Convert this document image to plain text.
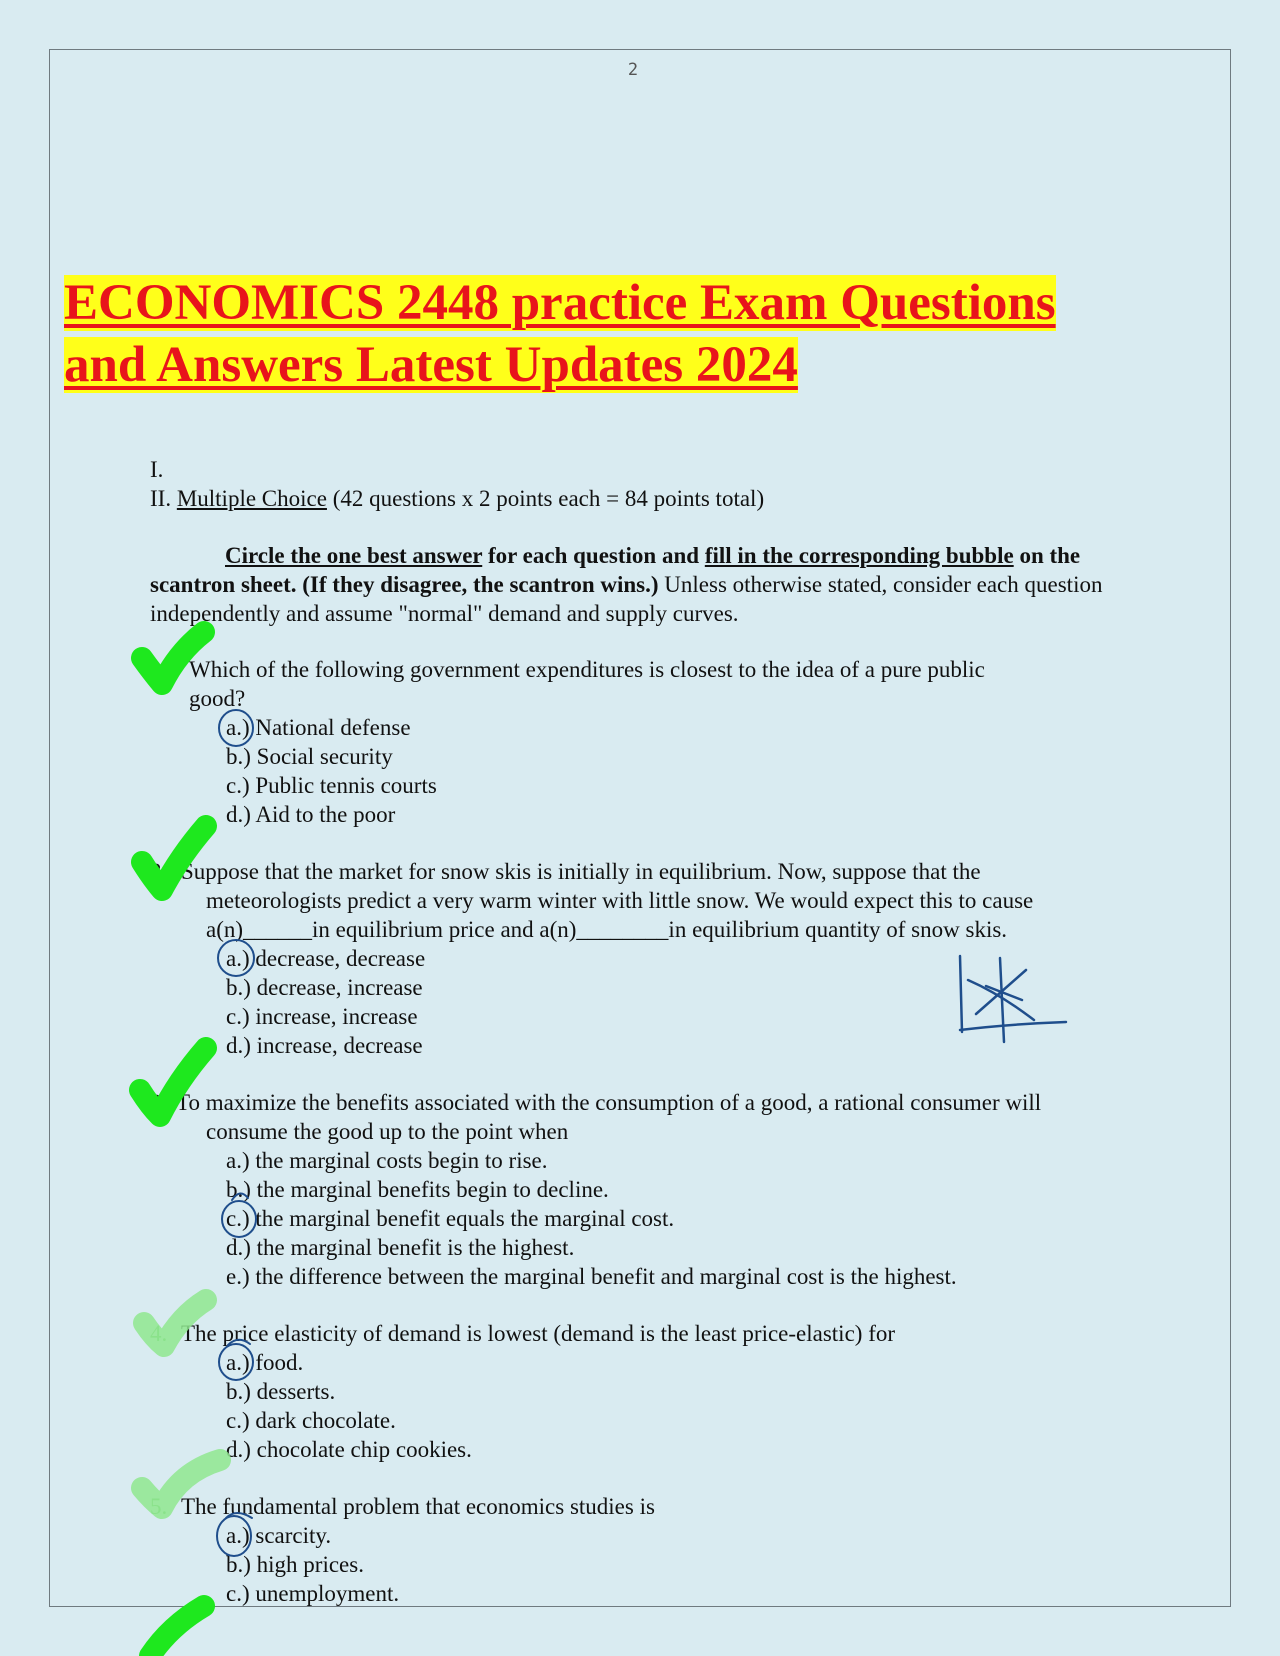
2
ECONOMICS 2448 practice Exam Questions
and Answers Latest Updates 2024
I.
II. Multiple Choice (42 questions x 2 points each = 84 points total)
Circle the one best answer for each question and fill in the corresponding bubble on the scantron sheet. (If they disagree, the scantron wins.) Unless otherwise stated, consider each question independently and assume "normal" demand and supply curves.
1. Which of the following government expenditures is closest to the idea of a pure public
good?
a.) National defense
b.) Social security
c.) Public tennis courts
d.) Aid to the poor
2. Suppose that the market for snow skis is initially in equilibrium. Now, suppose that the
meteorologists predict a very warm winter with little snow. We would expect this to cause
a(n)______in equilibrium price and a(n)________in equilibrium quantity of snow skis.
a.) decrease, decrease
b.) decrease, increase
c.) increase, increase
d.) increase, decrease
3. To maximize the benefits associated with the consumption of a good, a rational consumer will
consume the good up to the point when
a.) the marginal costs begin to rise.
b.) the marginal benefits begin to decline.
c.) the marginal benefit equals the marginal cost.
d.) the marginal benefit is the highest.
e.) the difference between the marginal benefit and marginal cost is the highest.
4. The price elasticity of demand is lowest (demand is the least price-elastic) for
a.) food.
b.) desserts.
c.) dark chocolate.
d.) chocolate chip cookies.
5. The fundamental problem that economics studies is
a.) scarcity.
b.) high prices.
c.) unemployment.
